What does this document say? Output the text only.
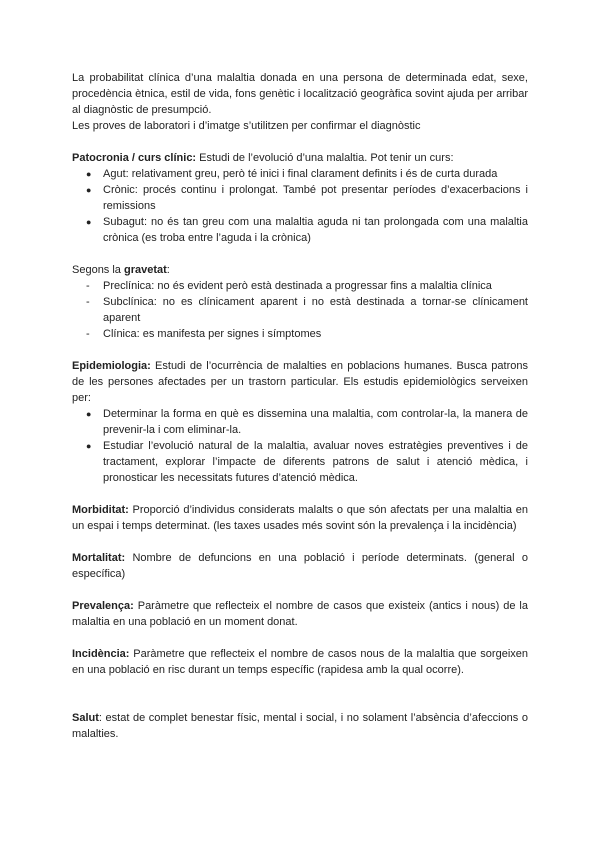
La probabilitat clínica d’una malaltia donada en una persona de determinada edat, sexe, procedència ètnica, estil de vida, fons genètic i localització geogràfica sovint ajuda per arribar al diagnòstic de presumpció.

Les proves de laboratori i d’imatge s’utilitzen per confirmar el diagnòstic

Patocronia / curs clínic: Estudi de l’evolució d’una malaltia. Pot tenir un curs:

● Agut: relativament greu, però té inici i final clarament definits i és de curta durada
● Crònic: procés continu i prolongat. També pot presentar períodes d’exacerbacions i remissions
● Subagut: no és tan greu com una malaltia aguda ni tan prolongada com una malaltia crònica (es troba entre l’aguda i la crònica)

Segons la gravetat:

- Preclínica: no és evident però està destinada a progressar fins a malaltia clínica
- Subclínica: no es clínicament aparent i no està destinada a tornar-se clínicament aparent
- Clínica: es manifesta per signes i símptomes

Epidemiologia: Estudi de l’ocurrència de malalties en poblacions humanes. Busca patrons de les persones afectades per un trastorn particular. Els estudis epidemiològics serveixen per:

● Determinar la forma en què es dissemina una malaltia, com controlar-la, la manera de prevenir-la i com eliminar-la.
● Estudiar l’evolució natural de la malaltia, avaluar noves estratègies preventives i de tractament, explorar l’impacte de diferents patrons de salut i atenció mèdica, i pronosticar les necessitats futures d’atenció mèdica.

Morbiditat: Proporció d’individus considerats malalts o que són afectats per una malaltia en un espai i temps determinat. (les taxes usades més sovint són la prevalença i la incidència)

Mortalitat: Nombre de defuncions en una població i període determinats. (general o específica)

Prevalença: Paràmetre que reflecteix el nombre de casos que existeix (antics i nous) de la malaltia en una població en un moment donat.

Incidència: Paràmetre que reflecteix el nombre de casos nous de la malaltia que sorgeixen en una població en risc durant un temps específic (rapidesa amb la qual ocorre).

Salut: estat de complet benestar físic, mental i social, i no solament l’absència d’afeccions o malalties.
